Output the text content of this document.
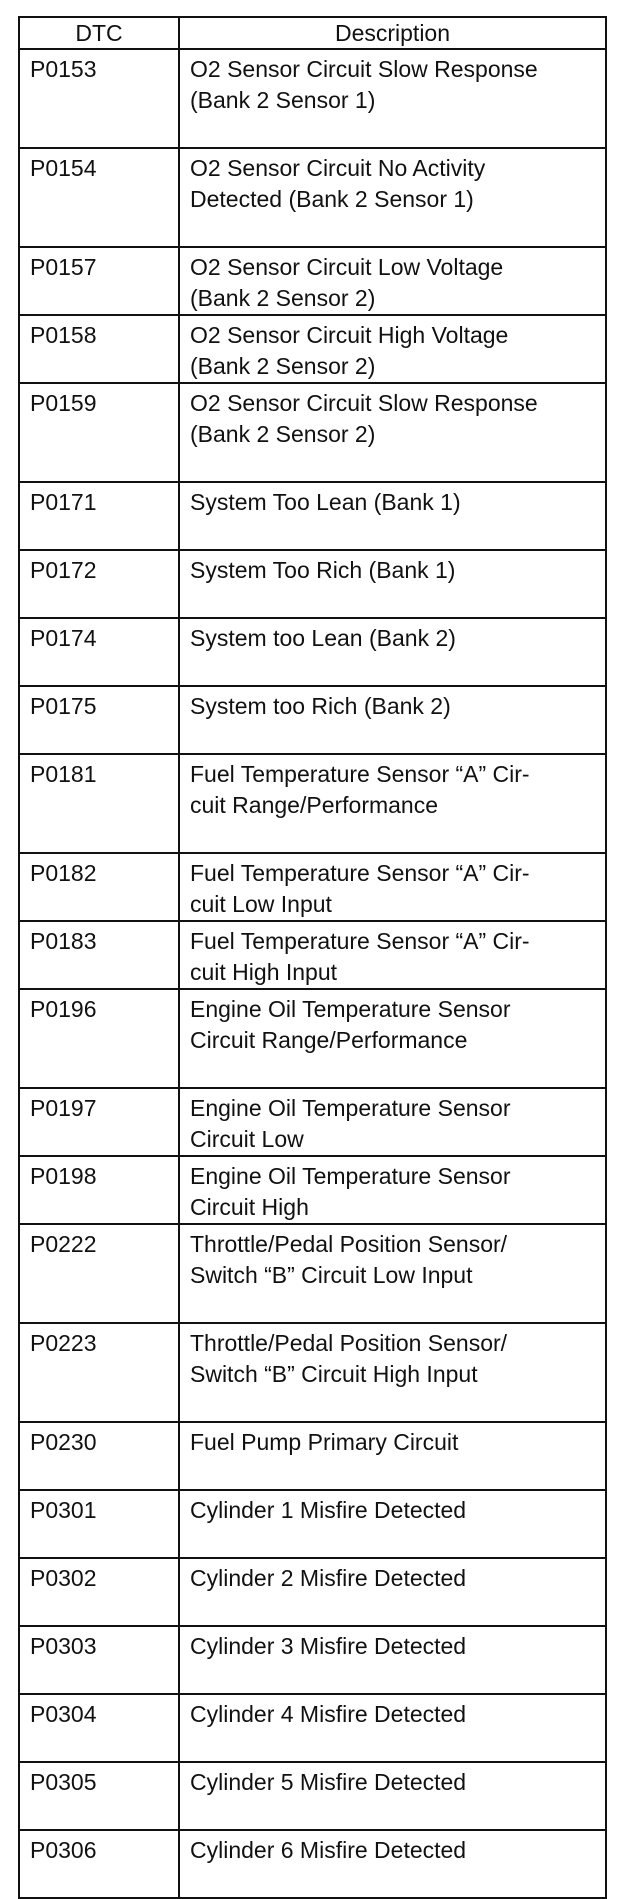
DTC	Description
P0153	O2 Sensor Circuit Slow Response
(Bank 2 Sensor 1)
P0154	O2 Sensor Circuit No Activity
Detected (Bank 2 Sensor 1)
P0157	O2 Sensor Circuit Low Voltage
(Bank 2 Sensor 2)
P0158	O2 Sensor Circuit High Voltage
(Bank 2 Sensor 2)
P0159	O2 Sensor Circuit Slow Response
(Bank 2 Sensor 2)
P0171	System Too Lean (Bank 1)
P0172	System Too Rich (Bank 1)
P0174	System too Lean (Bank 2)
P0175	System too Rich (Bank 2)
P0181	Fuel Temperature Sensor “A” Cir-
cuit Range/Performance
P0182	Fuel Temperature Sensor “A” Cir-
cuit Low Input
P0183	Fuel Temperature Sensor “A” Cir-
cuit High Input
P0196	Engine Oil Temperature Sensor
Circuit Range/Performance
P0197	Engine Oil Temperature Sensor
Circuit Low
P0198	Engine Oil Temperature Sensor
Circuit High
P0222	Throttle/Pedal Position Sensor/
Switch “B” Circuit Low Input
P0223	Throttle/Pedal Position Sensor/
Switch “B” Circuit High Input
P0230	Fuel Pump Primary Circuit
P0301	Cylinder 1 Misfire Detected
P0302	Cylinder 2 Misfire Detected
P0303	Cylinder 3 Misfire Detected
P0304	Cylinder 4 Misfire Detected
P0305	Cylinder 5 Misfire Detected
P0306	Cylinder 6 Misfire Detected
